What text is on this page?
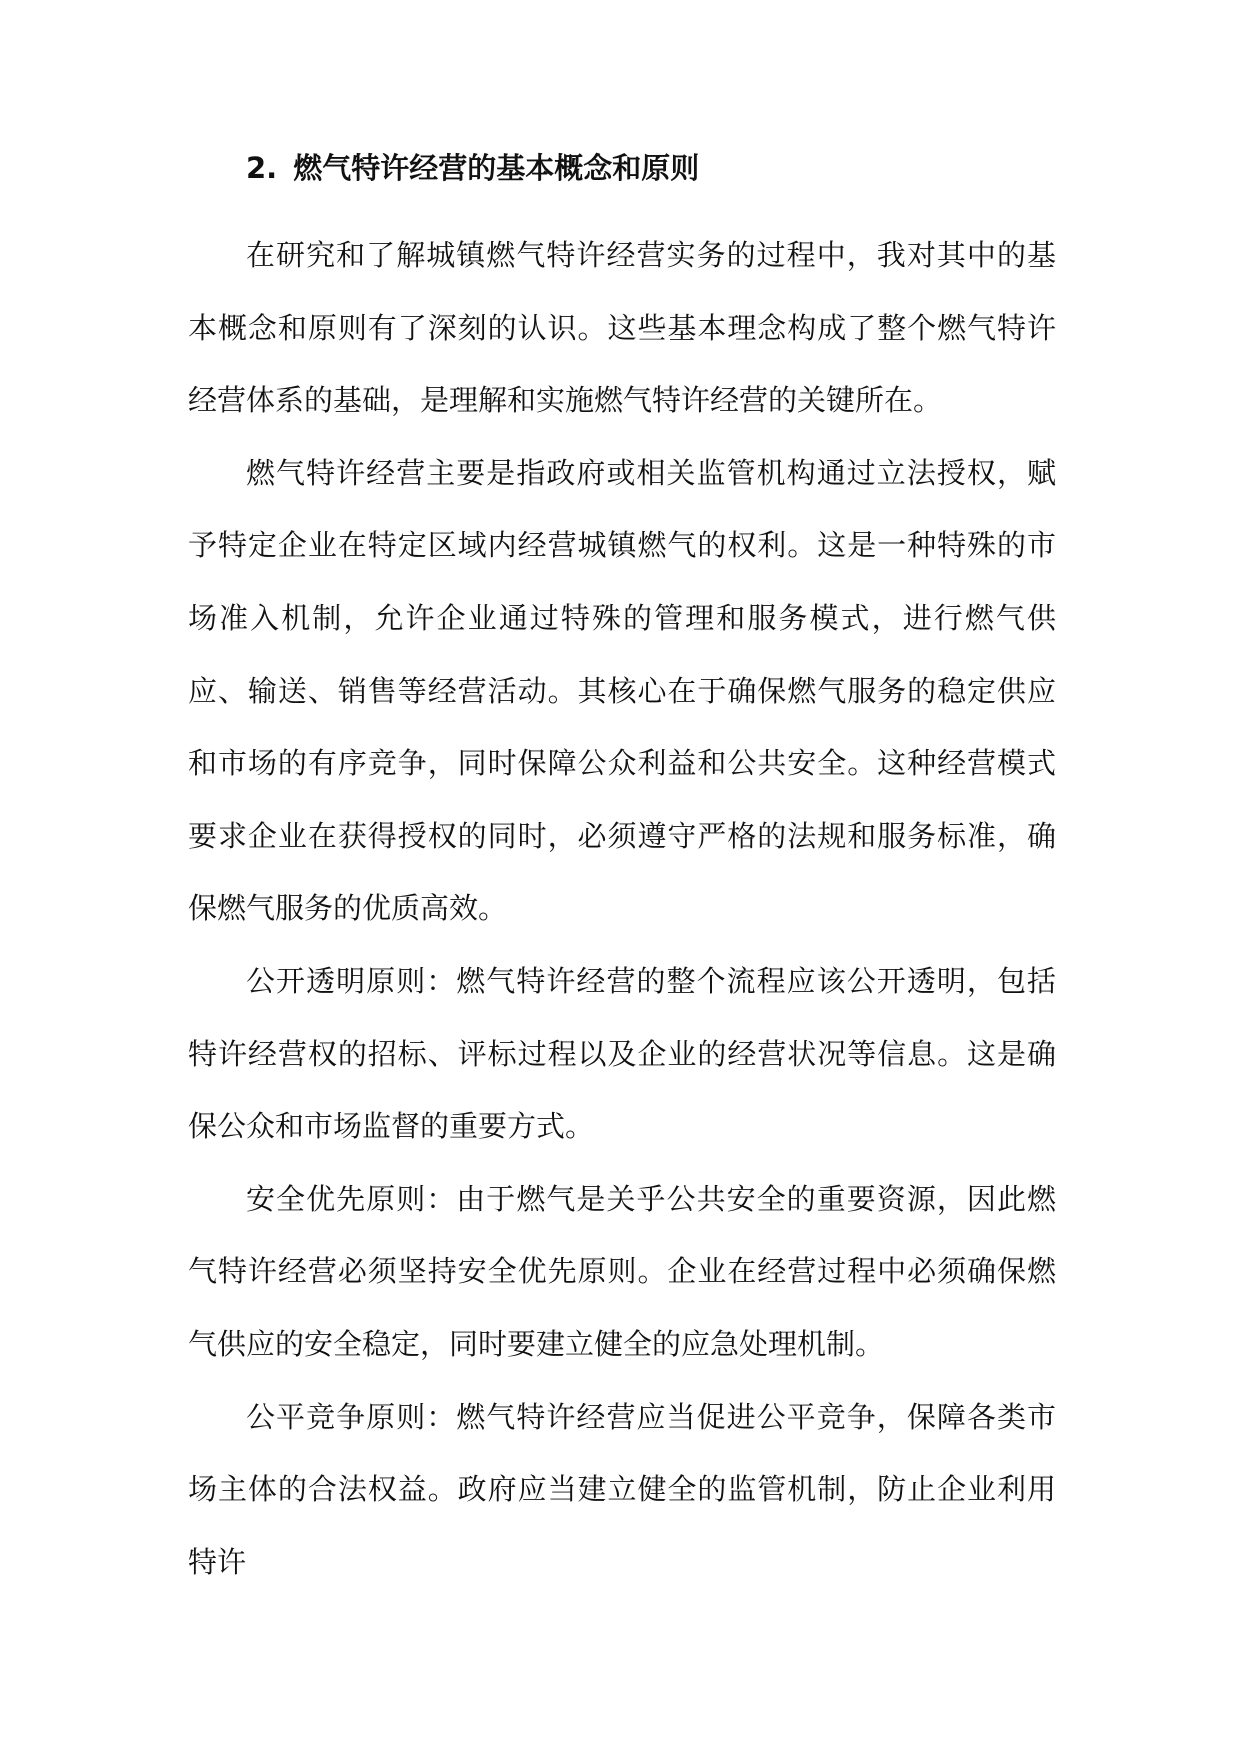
2. 燃气特许经营的基本概念和原则

在研究和了解城镇燃气特许经营实务的过程中，我对其中的基本概念和原则有了深刻的认识。这些基本理念构成了整个燃气特许经营体系的基础，是理解和实施燃气特许经营的关键所在。

燃气特许经营主要是指政府或相关监管机构通过立法授权，赋予特定企业在特定区域内经营城镇燃气的权利。这是一种特殊的市场准入机制，允许企业通过特殊的管理和服务模式，进行燃气供应、输送、销售等经营活动。其核心在于确保燃气服务的稳定供应和市场的有序竞争，同时保障公众利益和公共安全。这种经营模式要求企业在获得授权的同时，必须遵守严格的法规和服务标准，确保燃气服务的优质高效。

公开透明原则：燃气特许经营的整个流程应该公开透明，包括特许经营权的招标、评标过程以及企业的经营状况等信息。这是确保公众和市场监督的重要方式。

安全优先原则：由于燃气是关乎公共安全的重要资源，因此燃气特许经营必须坚持安全优先原则。企业在经营过程中必须确保燃气供应的安全稳定，同时要建立健全的应急处理机制。

公平竞争原则：燃气特许经营应当促进公平竞争，保障各类市场主体的合法权益。政府应当建立健全的监管机制，防止企业利用特许
